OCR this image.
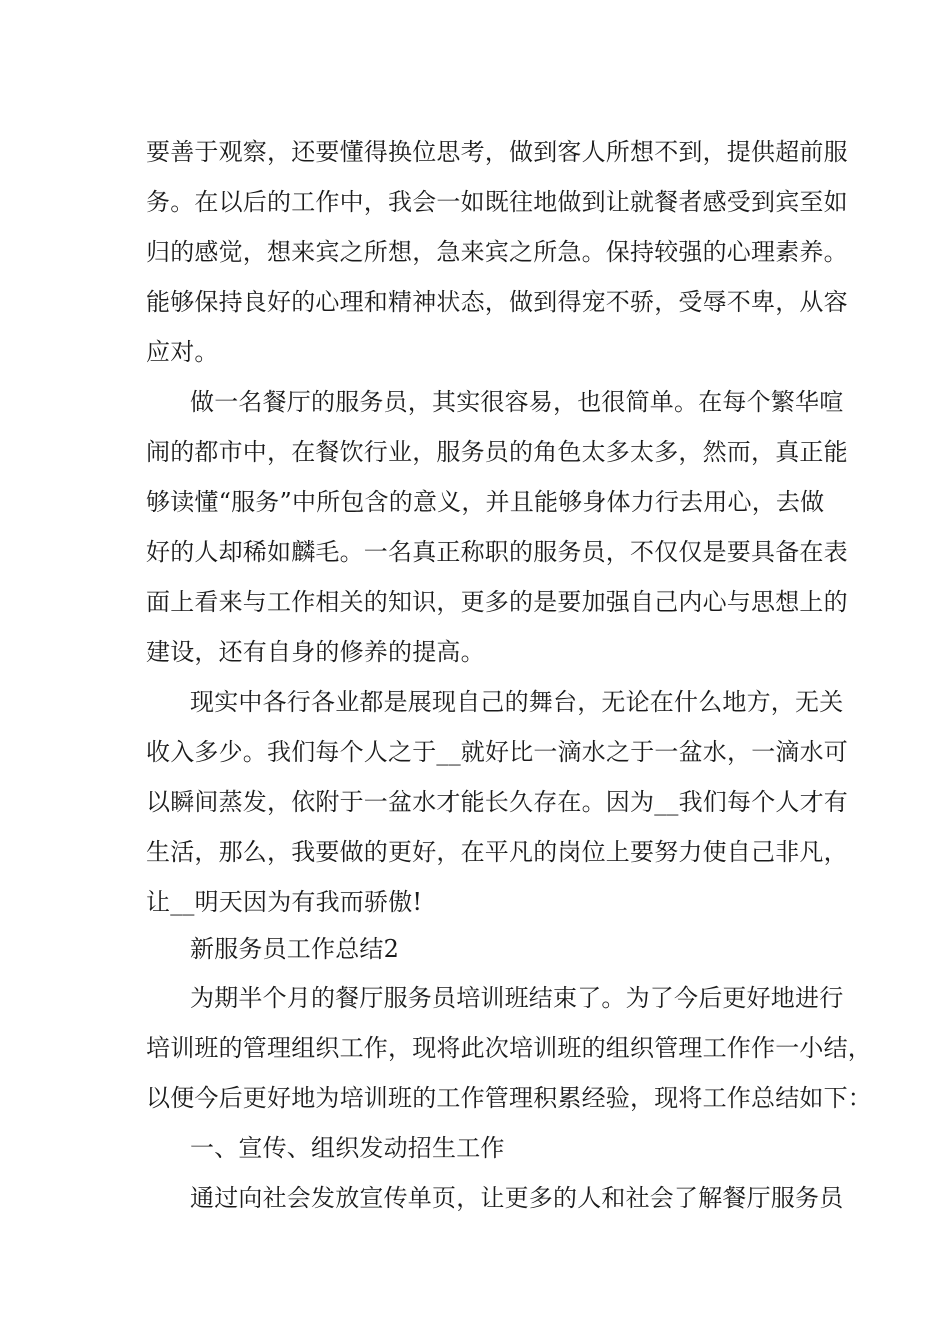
要善于观察，还要懂得换位思考，做到客人所想不到，提供超前服
务。在以后的工作中，我会一如既往地做到让就餐者感受到宾至如
归的感觉，想来宾之所想，急来宾之所急。保持较强的心理素养。
能够保持良好的心理和精神状态，做到得宠不骄，受辱不卑，从容
应对。
做一名餐厅的服务员，其实很容易，也很简单。在每个繁华喧
闹的都市中，在餐饮行业，服务员的角色太多太多，然而，真正能
够读懂“服务”中所包含的意义，并且能够身体力行去用心，去做
好的人却稀如麟毛。一名真正称职的服务员，不仅仅是要具备在表
面上看来与工作相关的知识，更多的是要加强自己内心与思想上的
建设，还有自身的修养的提高。
现实中各行各业都是展现自己的舞台，无论在什么地方，无关
收入多少。我们每个人之于__就好比一滴水之于一盆水，一滴水可
以瞬间蒸发，依附于一盆水才能长久存在。因为__我们每个人才有
生活，那么，我要做的更好，在平凡的岗位上要努力使自己非凡，
让__明天因为有我而骄傲!
新服务员工作总结2
为期半个月的餐厅服务员培训班结束了。为了今后更好地进行
培训班的管理组织工作，现将此次培训班的组织管理工作作一小结，
以便今后更好地为培训班的工作管理积累经验，现将工作总结如下：
一、宣传、组织发动招生工作
通过向社会发放宣传单页，让更多的人和社会了解餐厅服务员
